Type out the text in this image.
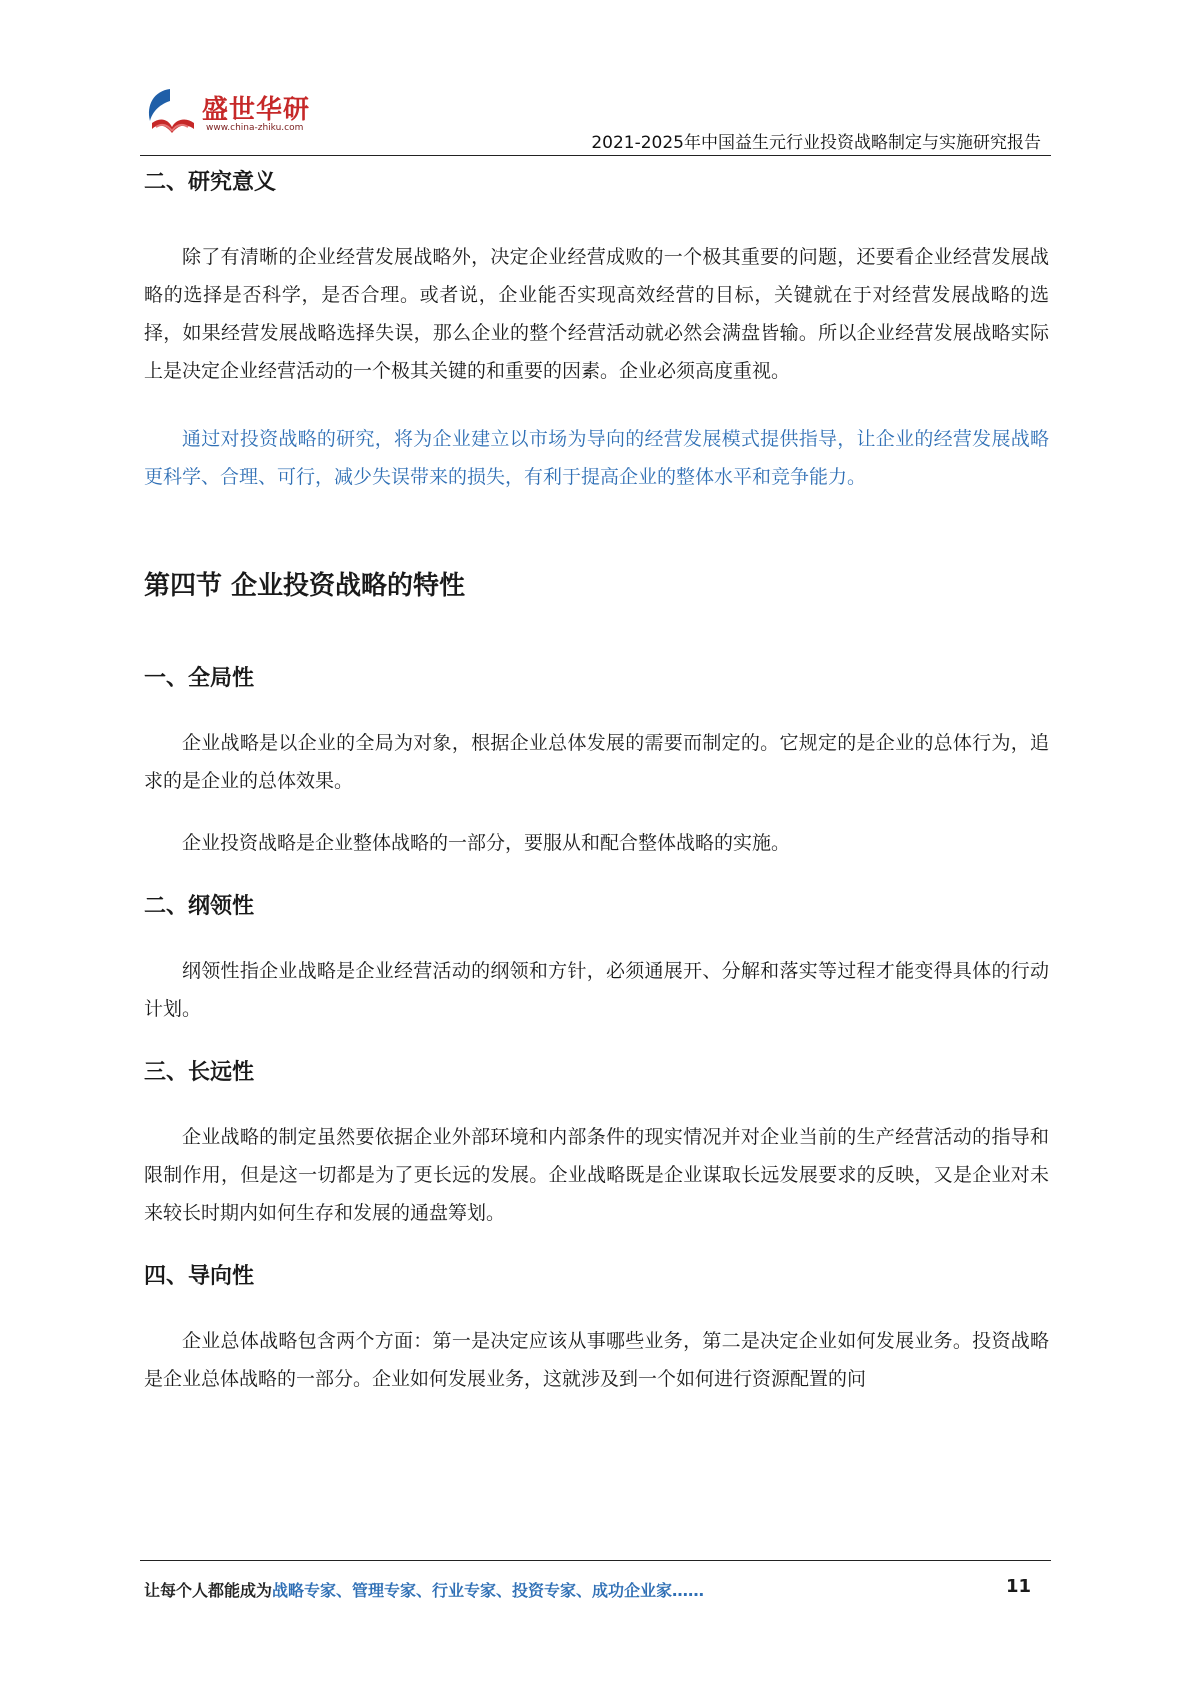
盛世华研
www.china-zhiku.com
2021-2025年中国益生元行业投资战略制定与实施研究报告
二、研究意义

除了有清晰的企业经营发展战略外，决定企业经营成败的一个极其重要的问题，还要看企业经营发展战略的选择是否科学，是否合理。或者说，企业能否实现高效经营的目标，关键就在于对经营发展战略的选择，如果经营发展战略选择失误，那么企业的整个经营活动就必然会满盘皆输。所以企业经营发展战略实际上是决定企业经营活动的一个极其关键的和重要的因素。企业必须高度重视。

通过对投资战略的研究，将为企业建立以市场为导向的经营发展模式提供指导，让企业的经营发展战略更科学、合理、可行，减少失误带来的损失，有利于提高企业的整体水平和竞争能力。

第四节 企业投资战略的特性
一、全局性

企业战略是以企业的全局为对象，根据企业总体发展的需要而制定的。它规定的是企业的总体行为，追求的是企业的总体效果。

企业投资战略是企业整体战略的一部分，要服从和配合整体战略的实施。

二、纲领性

纲领性指企业战略是企业经营活动的纲领和方针，必须通展开、分解和落实等过程才能变得具体的行动计划。

三、长远性

企业战略的制定虽然要依据企业外部环境和内部条件的现实情况并对企业当前的生产经营活动的指导和限制作用，但是这一切都是为了更长远的发展。企业战略既是企业谋取长远发展要求的反映，又是企业对未来较长时期内如何生存和发展的通盘筹划。

四、导向性

企业总体战略包含两个方面：第一是决定应该从事哪些业务，第二是决定企业如何发展业务。投资战略是企业总体战略的一部分。企业如何发展业务，这就涉及到一个如何进行资源配置的问

让每个人都能成为战略专家、管理专家、行业专家、投资专家、成功企业家……	11
